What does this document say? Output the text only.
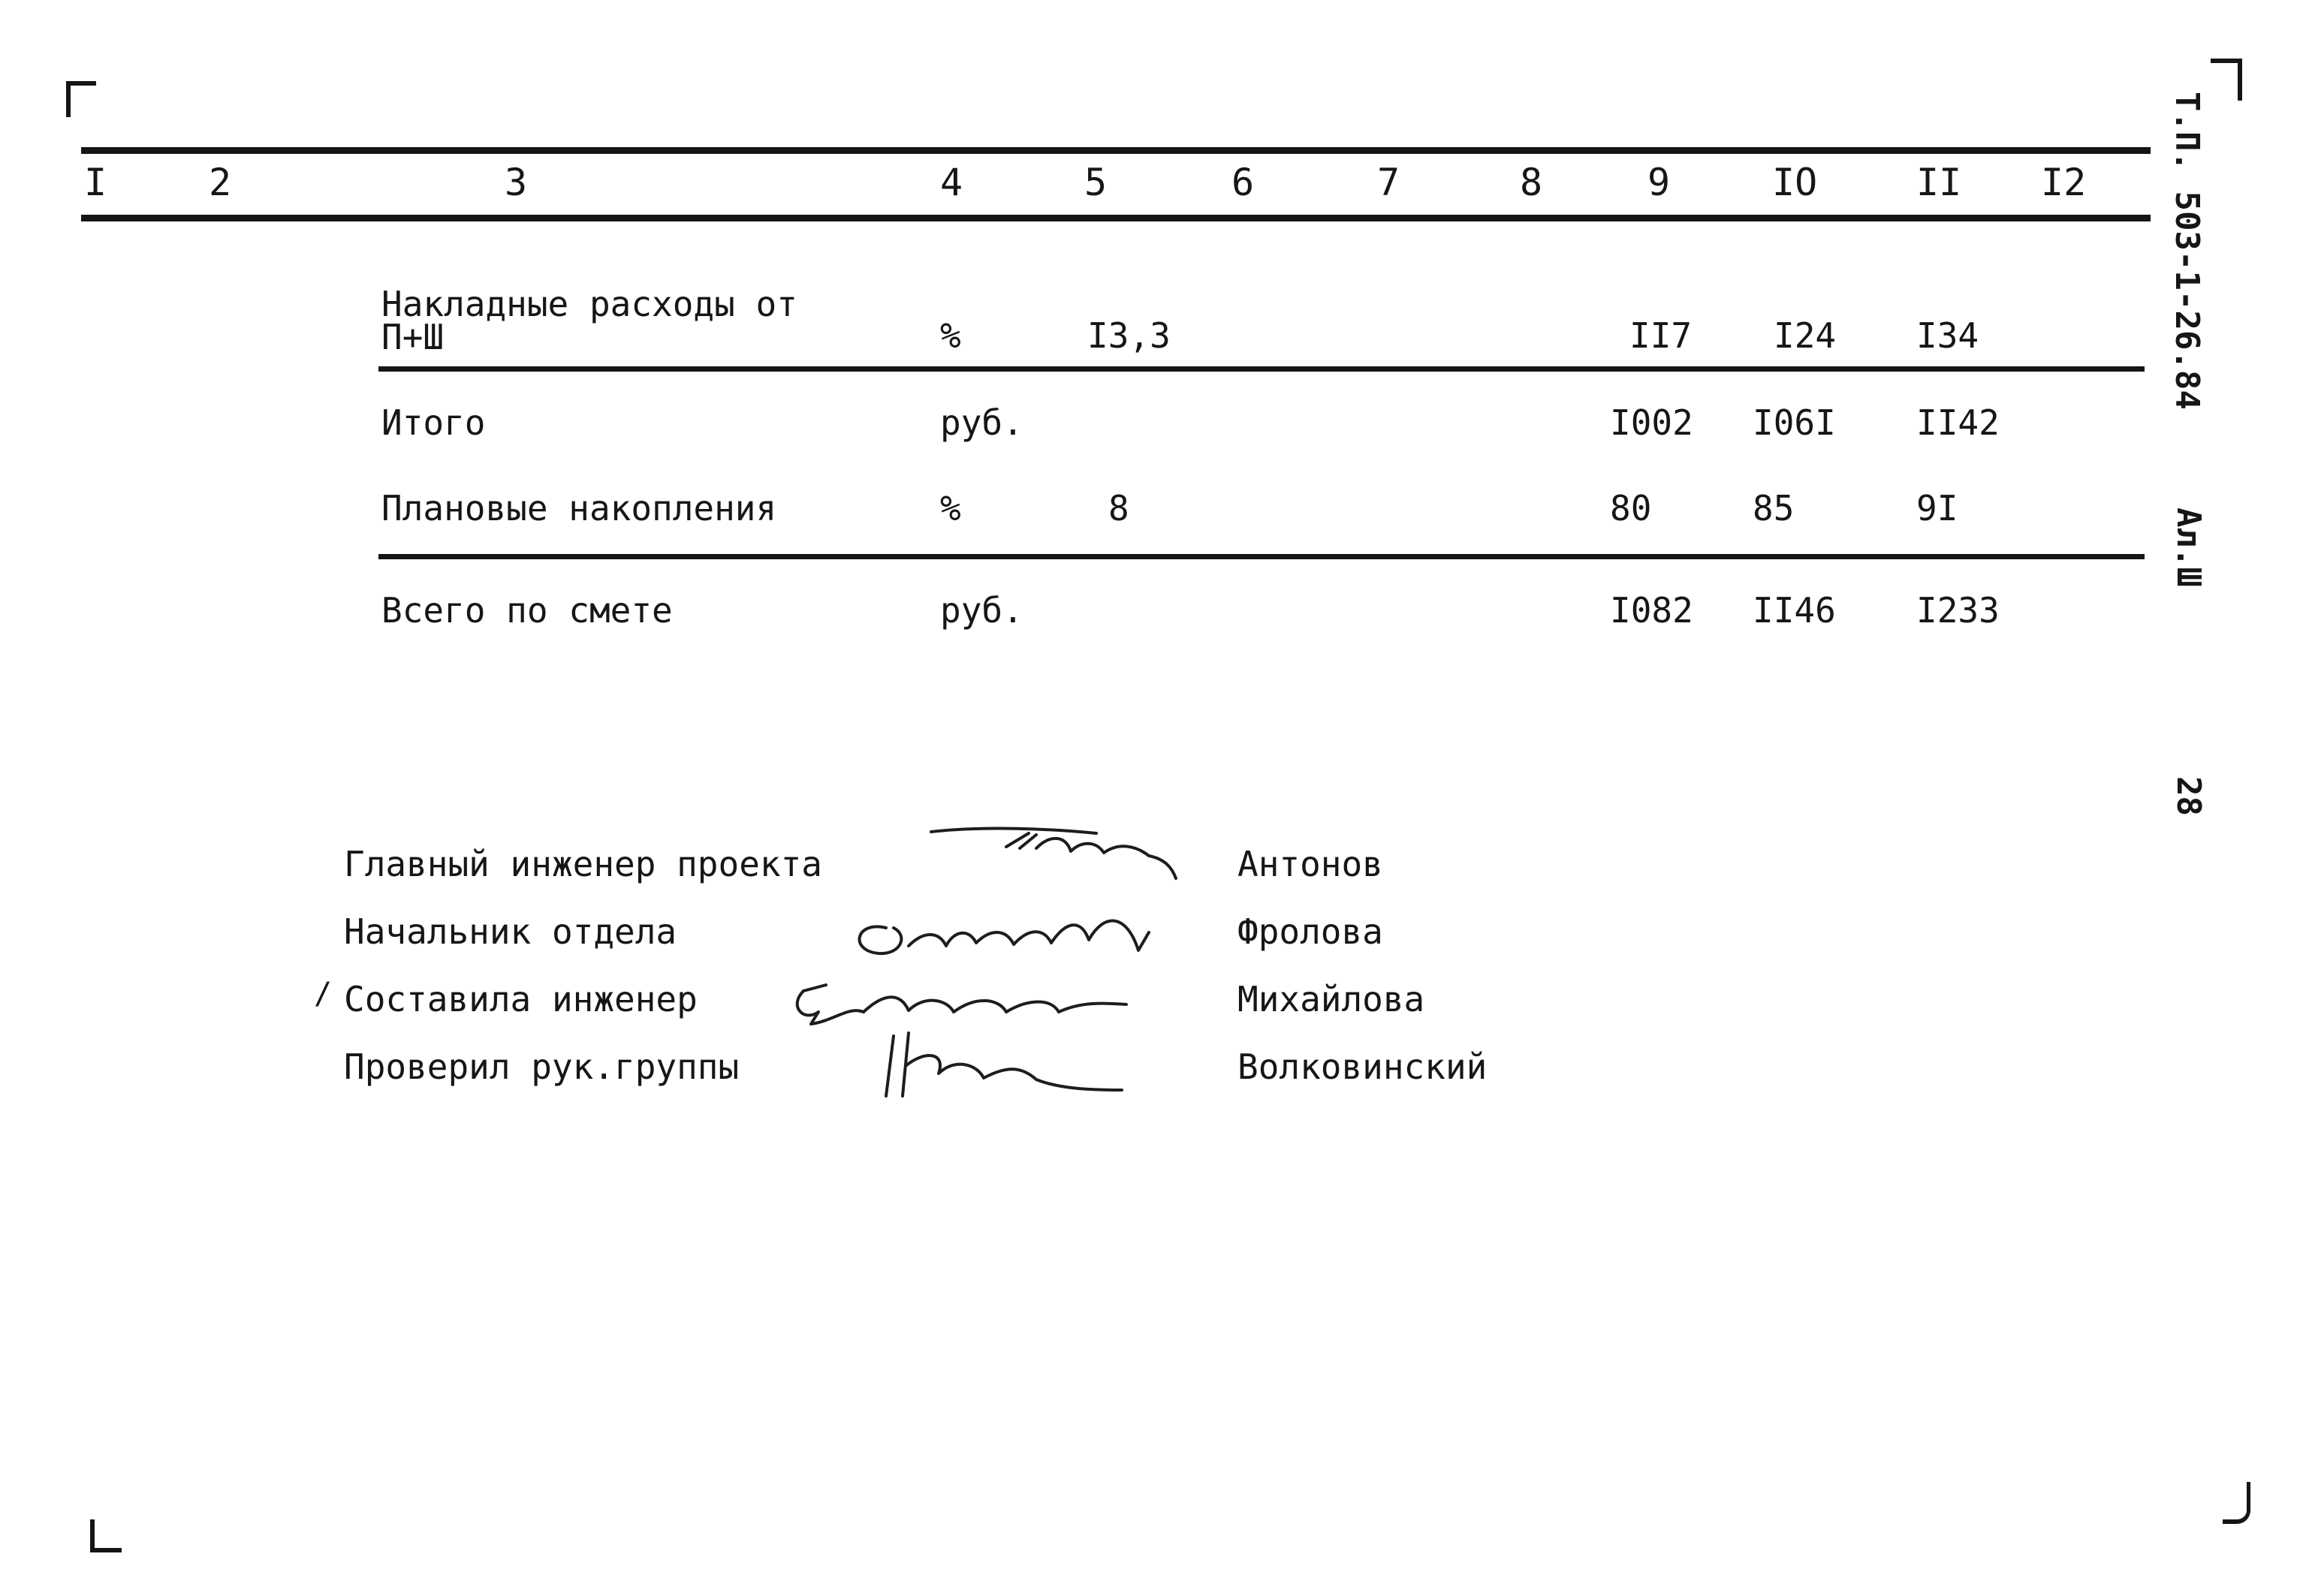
Т.П. 503-1-26.84
Ал.Ш
28
I	2	3	4	5	6	7	8	9	IO	II I2
Накладные расходы от
П+Ш	%	I3,3	II7 I24 I34
Итого	руб.	I002 I06I II42
Плановые накопления	%	8	80	85	9I
Всего по смете	руб.	I082 II46 I233
Главный инженер проекта	Антонов
Начальник отдела	Фролова
/ Составила инженер	Михайлова
Проверил рук.группы	Волковинский
